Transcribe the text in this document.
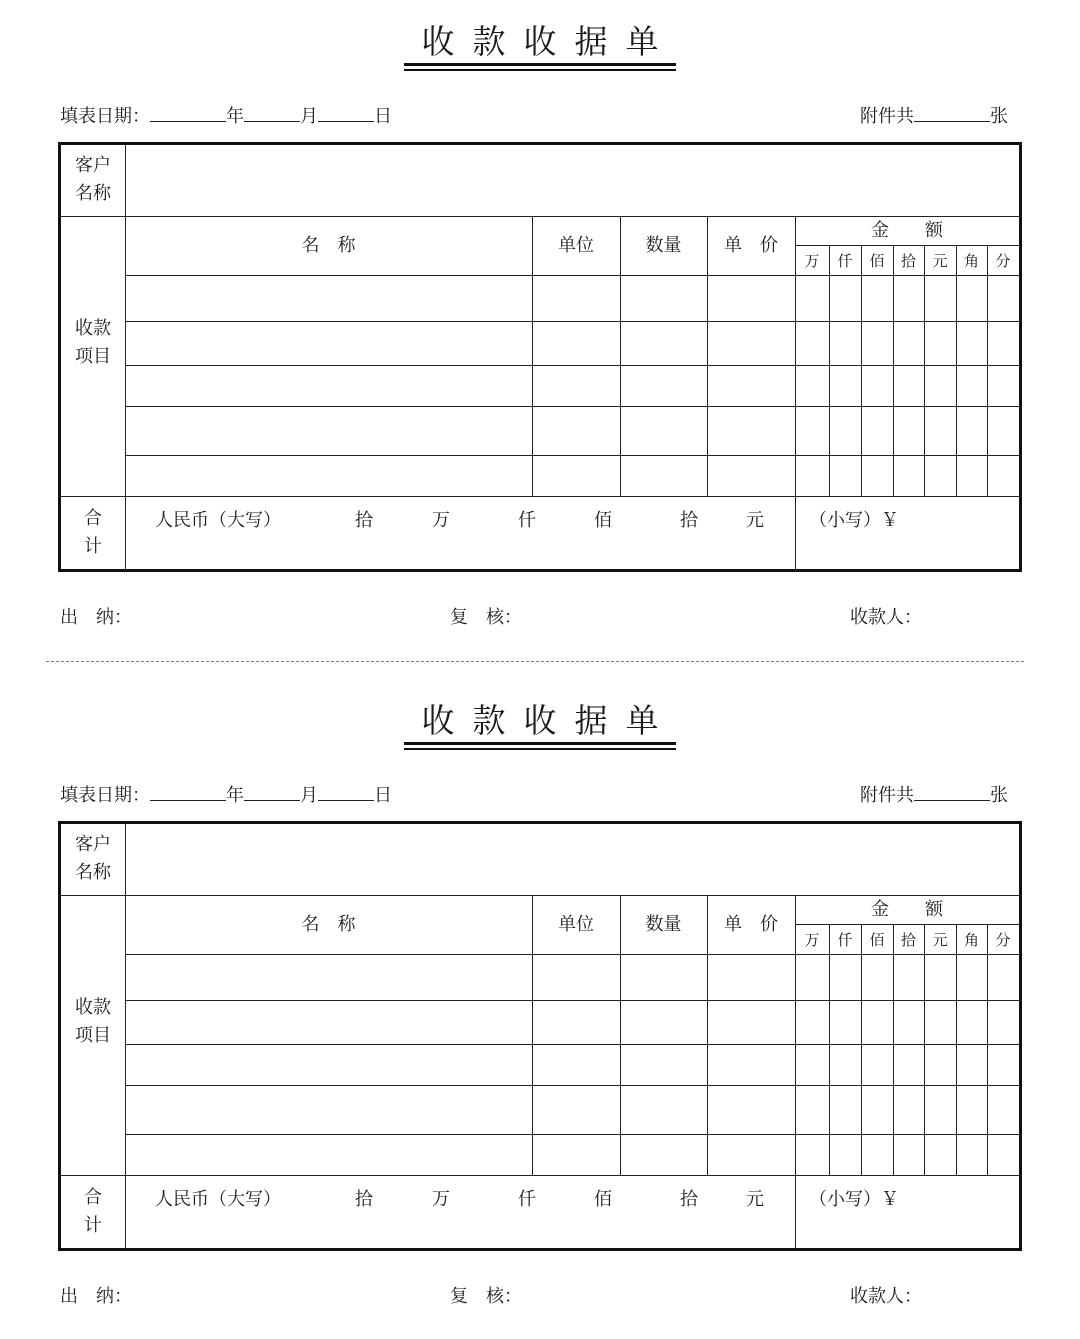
收款收据单
填表日期：	年	月	日	附件共	张
客户
名称
收款
项目
合
计
名　称	单位	数量	单　价
金　　额
万	仟	佰	拾	元	角	分
人民币（大写）	拾	万	仟	佰	拾	元	（小写）￥
出　纳：	复　核：	收款人：
收款收据单
填表日期：	年	月	日	附件共	张
客户
名称
收款
项目
合
计
名　称	单位	数量	单　价
金　　额
万	仟	佰	拾	元	角	分
人民币（大写）	拾	万	仟	佰	拾	元	（小写）￥
出　纳：	复　核：	收款人：
